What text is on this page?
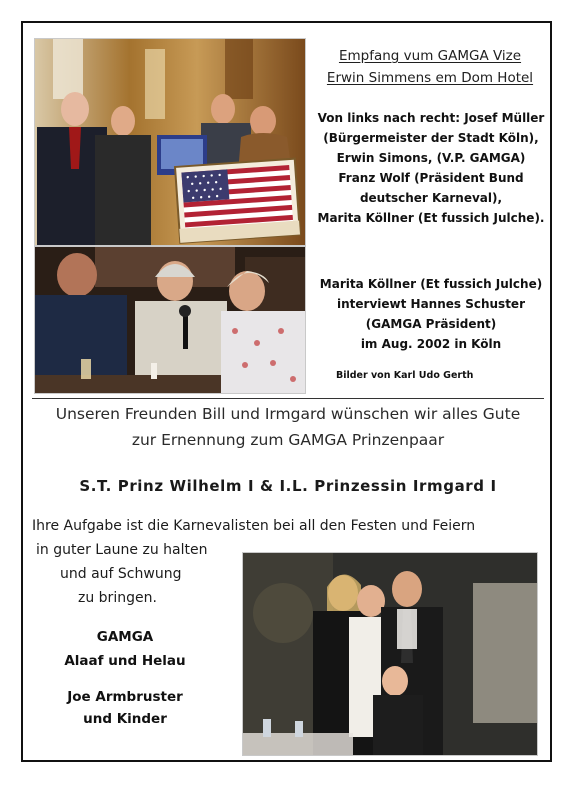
Empfang vum GAMGA Vize
Erwin Simmens em Dom Hotel
Von links nach recht: Josef Müller
(Bürgermeister der Stadt Köln),
Erwin Simons, (V.P. GAMGA)
Franz Wolf (Präsident Bund
deutscher Karneval),
Marita Köllner (Et fussich Julche).
Marita Köllner (Et fussich Julche)
interviewt Hannes Schuster
(GAMGA Präsident)
im Aug. 2002 in Köln
Bilder von Karl Udo Gerth
Unseren Freunden Bill und Irmgard wünschen wir alles Gute
zur Ernennung zum GAMGA Prinzenpaar
S.T. Prinz Wilhelm I & I.L. Prinzessin Irmgard I
Ihre Aufgabe ist die Karnevalisten bei all den Festen und Feiern
in guter Laune zu halten
und auf Schwung
zu bringen.
GAMGA
Alaaf und Helau
Joe Armbruster
und Kinder
